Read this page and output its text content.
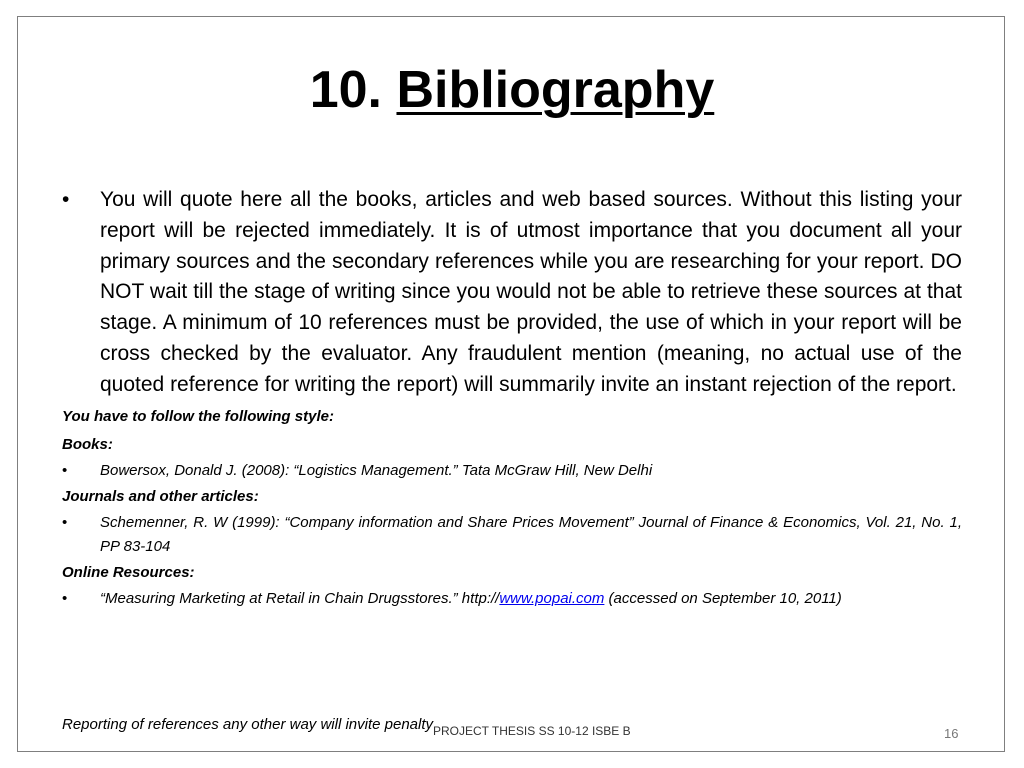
10. Bibliography
•	You will quote here all the books, articles and web based sources. Without this listing your report will be rejected immediately. It is of utmost importance that you document all your primary sources and the secondary references while you are researching for your report. DO NOT wait till the stage of writing since you would not be able to retrieve these sources at that stage. A minimum of 10 references must be provided, the use of which in your report will be cross checked by the evaluator. Any fraudulent mention (meaning, no actual use of the quoted reference for writing the report) will summarily invite an instant rejection of the report.
You have to follow the following style:
Books:
•	Bowersox, Donald J. (2008): “Logistics Management.” Tata McGraw Hill, New Delhi
Journals and other articles:
•	Schemenner, R. W (1999): “Company information and Share Prices Movement” Journal of Finance & Economics, Vol. 21, No. 1, PP 83-104
Online Resources:
•	“Measuring Marketing at Retail in Chain Drugsstores.” http://www.popai.com (accessed on September 10, 2011)
Reporting of references any other way will invite penalty PROJECT THESIS SS 10-12 ISBE B	16
